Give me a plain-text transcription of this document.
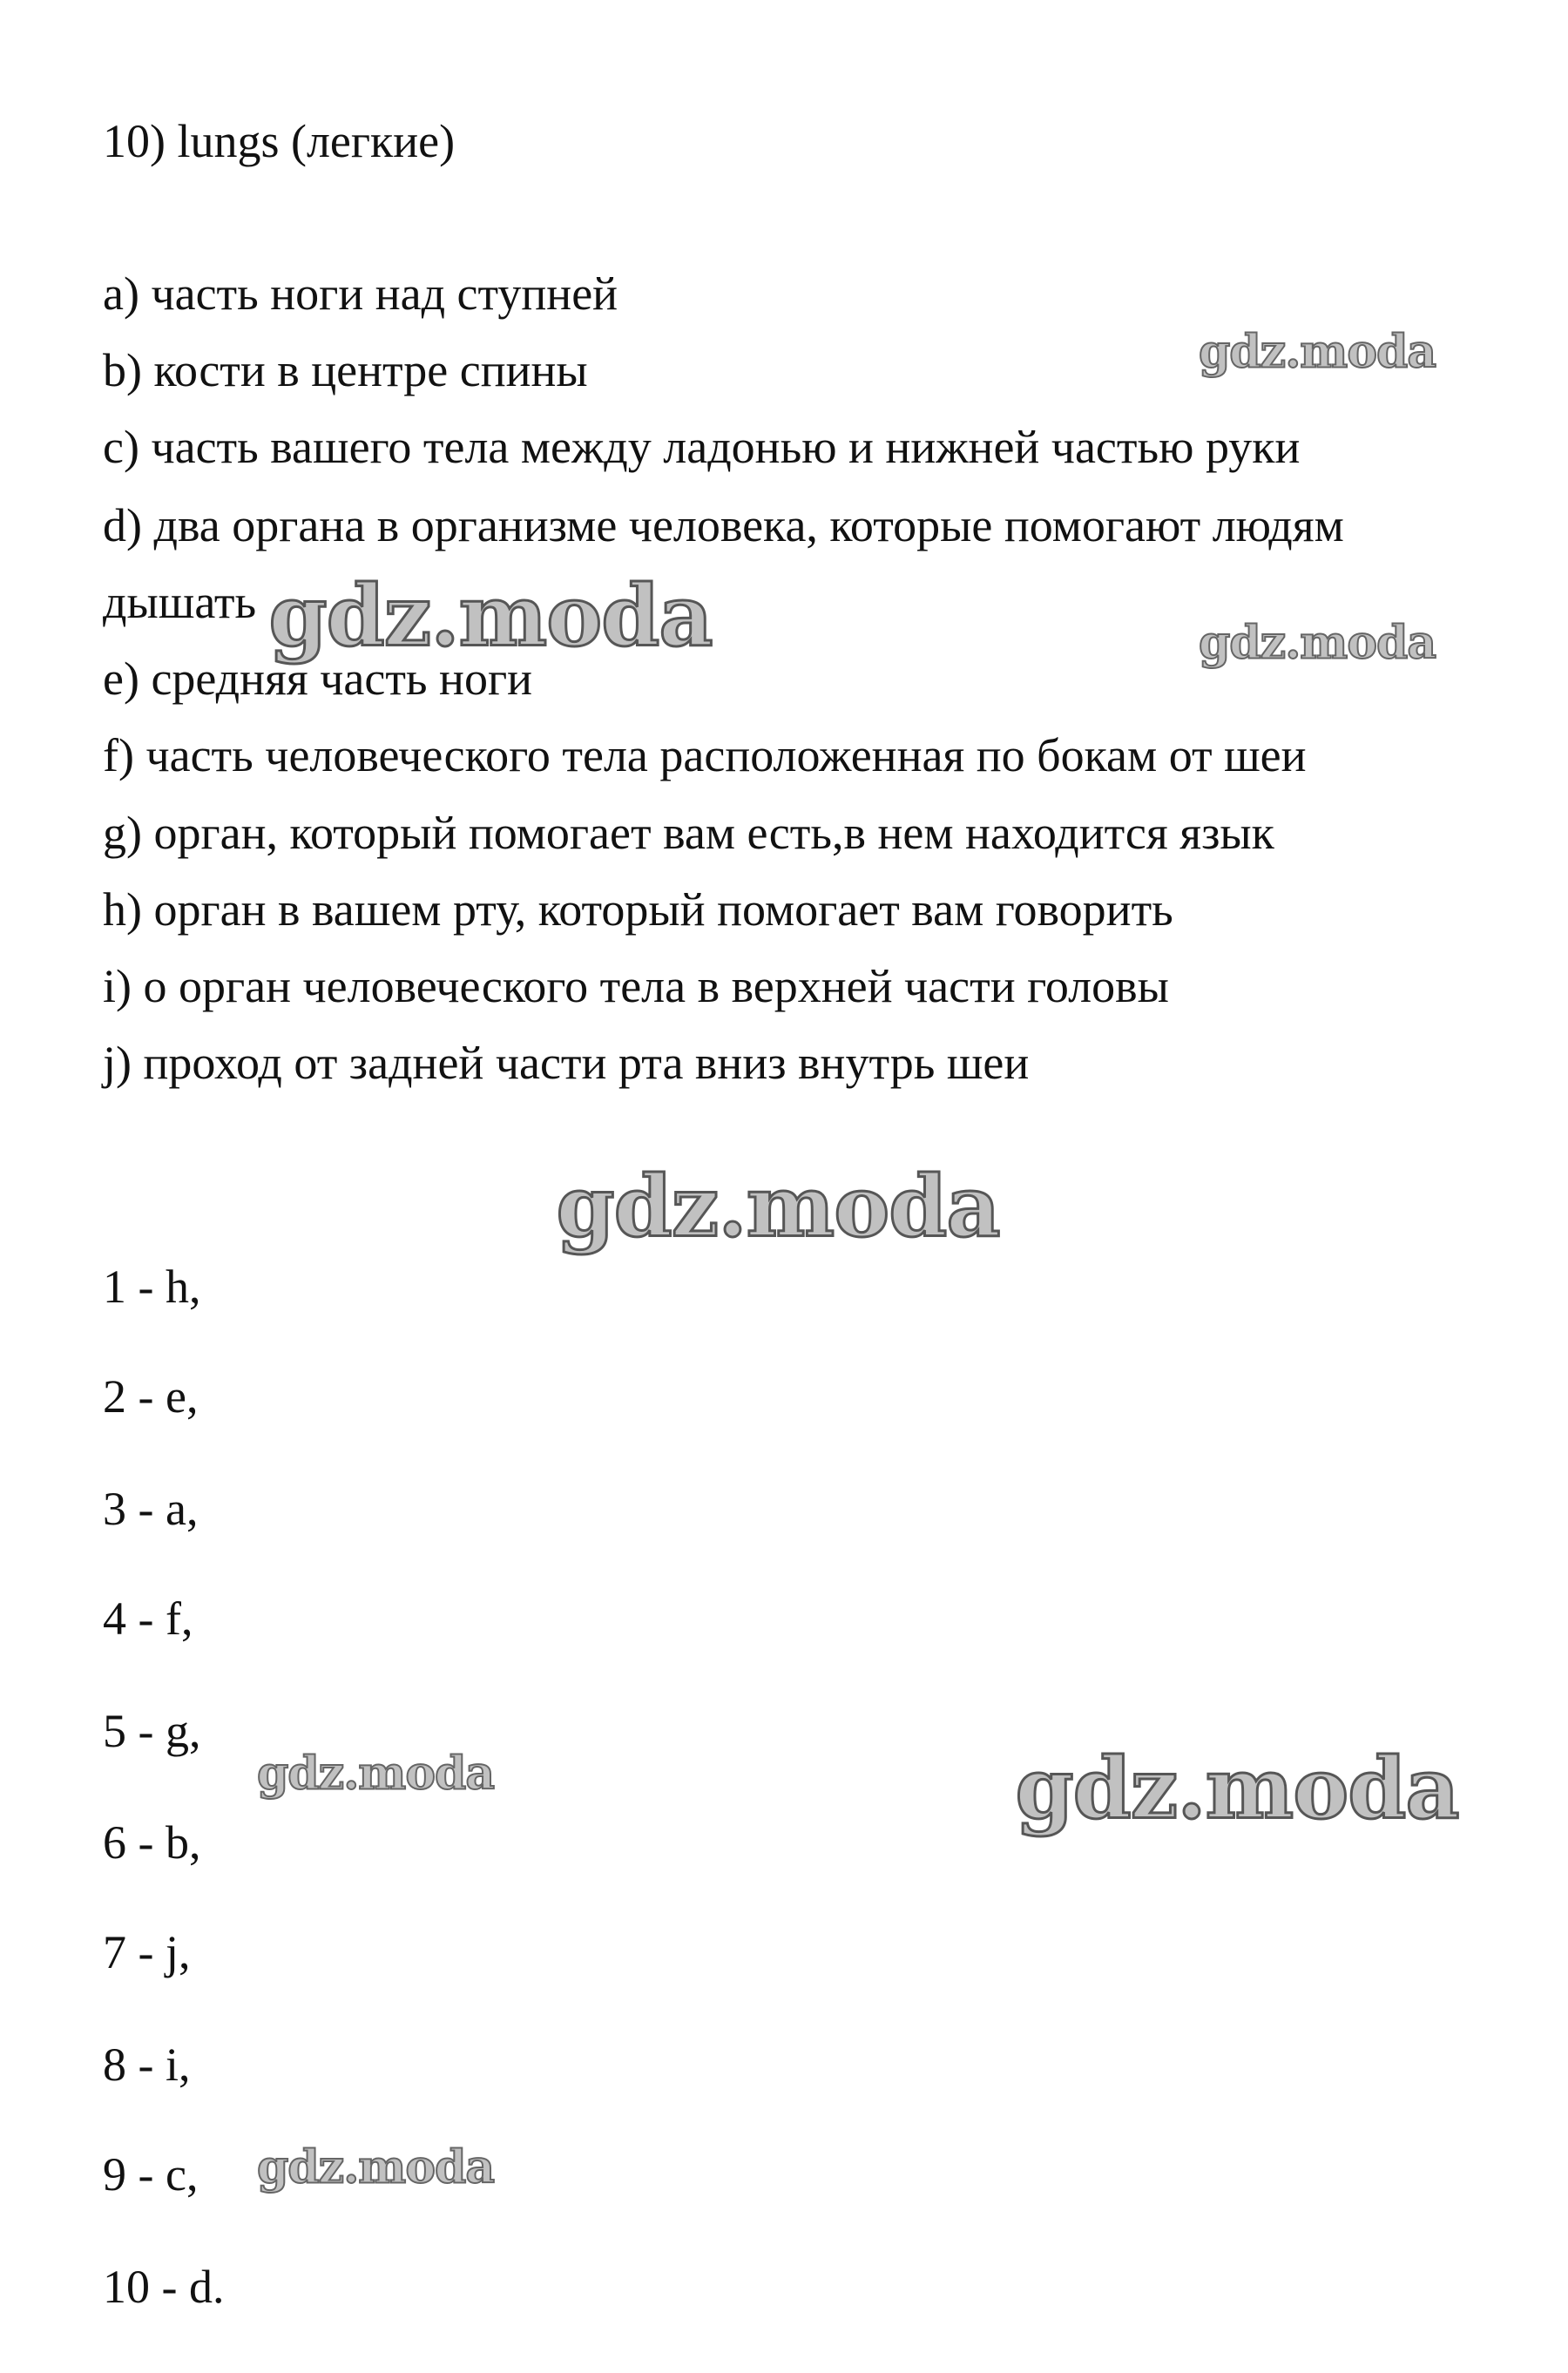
10) lungs (легкие)
a) часть ноги над ступней
b) кости в центре спины
c) часть вашего тела между ладонью и нижней частью руки
d) два органа в организме человека, которые помогают людям
дышать
e) средняя часть ноги
f) часть человеческого тела расположенная по бокам от шеи
g) орган, который помогает вам есть,в нем находится язык
h) орган в вашем рту, который помогает вам говорить
i) о орган человеческого тела в верхней части головы
j) проход от задней части рта вниз внутрь шеи
1 - h,
2 - e,
3 - a,
4 - f,
5 - g,
6 - b,
7 - j,
8 - i,
9 - c,
10 - d.
gdz.moda
gdz.moda
gdz.moda
gdz.moda
gdz.moda	gdz.moda
gdz.moda
